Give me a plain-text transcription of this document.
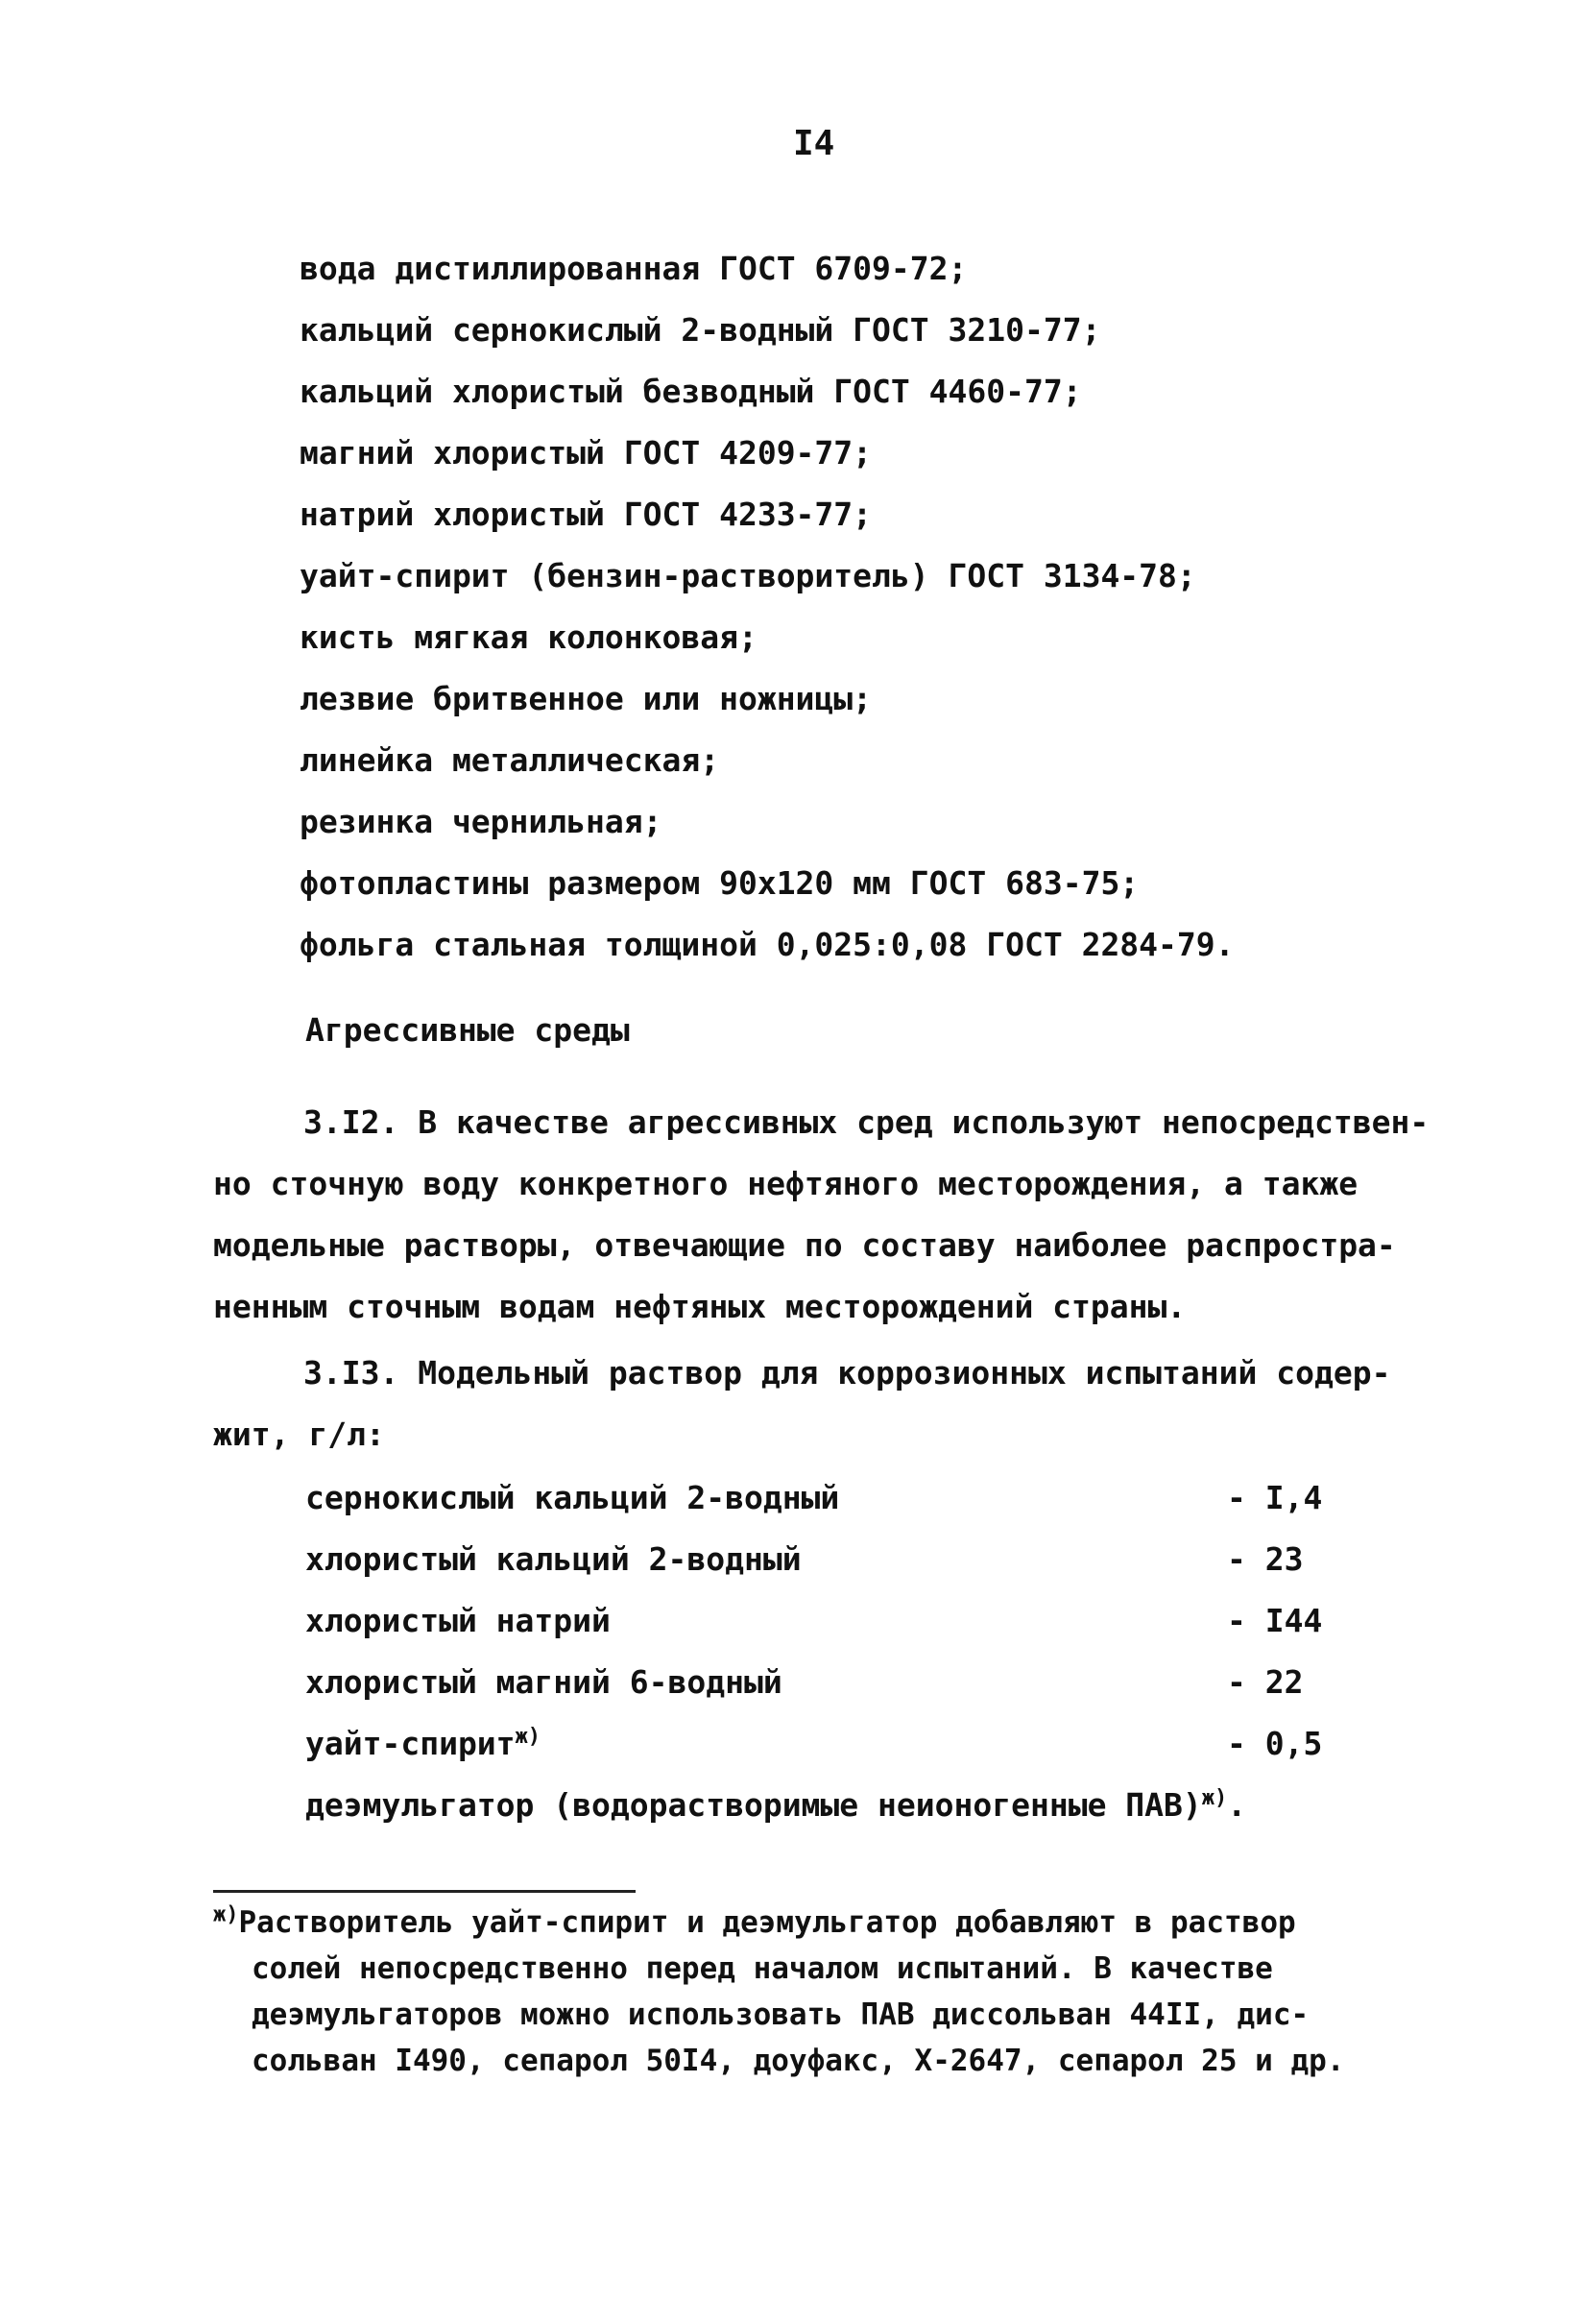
I4
вода дистиллированная ГОСТ 6709-72;
кальций сернокислый 2-водный ГОСТ 3210-77;
кальций хлористый безводный ГОСТ 4460-77;
магний хлористый ГОСТ 4209-77;
натрий хлористый ГОСТ 4233-77;
уайт-спирит (бензин-растворитель) ГОСТ 3134-78;
кисть мягкая колонковая;
лезвие бритвенное или ножницы;
линейка металлическая;
резинка чернильная;
фотопластины размером 90х120 мм ГОСТ 683-75;
фольга стальная толщиной 0,025:0,08 ГОСТ 2284-79.
Агрессивные среды
3.I2. В качестве агрессивных сред используют непосредствен-
но сточную воду конкретного нефтяного месторождения, а также
модельные растворы, отвечающие по составу наиболее распростра-
ненным сточным водам нефтяных месторождений страны.
3.I3. Модельный раствор для коррозионных испытаний содер-
жит, г/л:
сернокислый кальций 2-водный	- I,4
хлористый кальций 2-водный	- 23
хлористый натрий	- I44
хлористый магний 6-водный	- 22
уайт-спирит$^{ж)}$	- 0,5
деэмульгатор (водорастворимые неионогенные ПАВ)$^{ж)}$.
$^{ж)}$Растворитель уайт-спирит и деэмульгатор добавляют в раствор
солей непосредственно перед началом испытаний. В качестве
деэмульгаторов можно использовать ПАВ диссольван 44II, дис-
сольван I490, сепарол 50I4, доуфакс, Х-2647, сепарол 25 и др.
